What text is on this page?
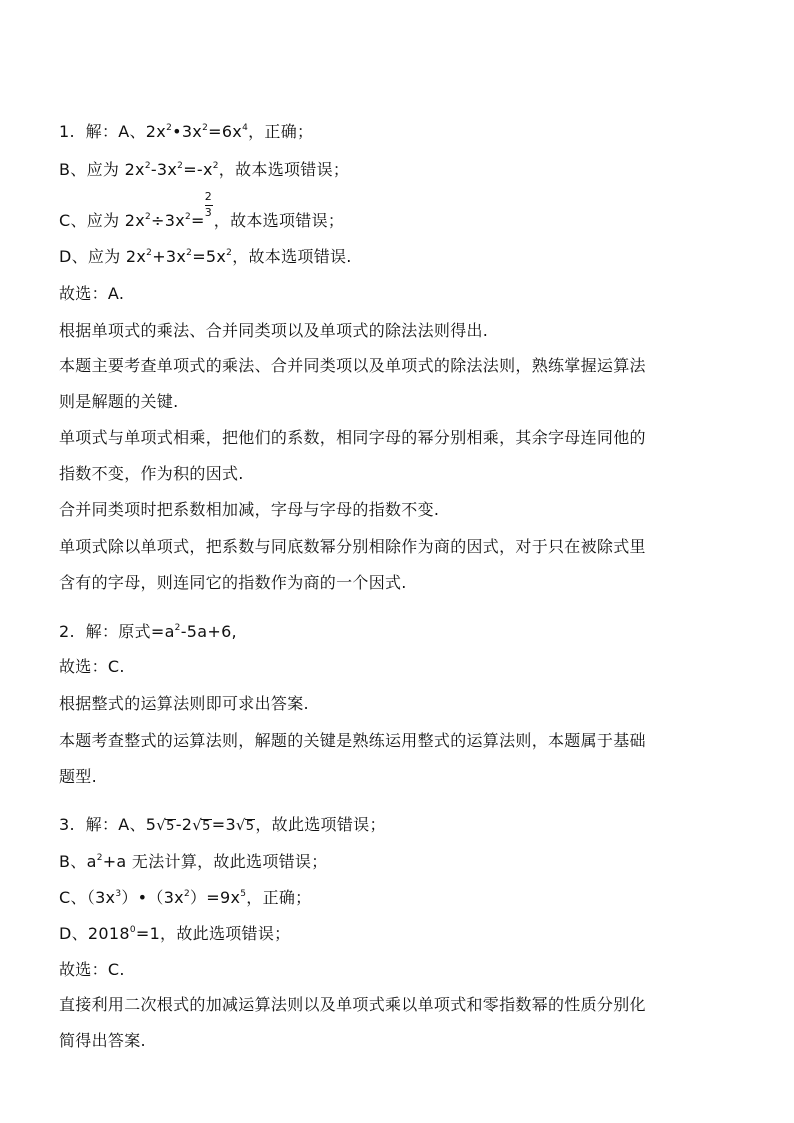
1. 解：A、$2x^2•3x^2=6x^4$，正确；
B、应为 $2x^2-3x^2=-x^2$，故本选项错误；
C、应为 $2x^2\div 3x^2= \frac{2}{3}$ ，故本选项错误；
D、应为 $2x^2+3x^2=5x^2$，故本选项错误.
故选：A.
根据单项式的乘法、合并同类项以及单项式的除法法则得出.
本题主要考查单项式的乘法、合并同类项以及单项式的除法法则，熟练掌握运算法
则是解题的关键.
单项式与单项式相乘，把他们的系数，相同字母的幂分别相乘，其余字母连同他的
指数不变，作为积的因式.
合并同类项时把系数相加减，字母与字母的指数不变.
单项式除以单项式，把系数与同底数幂分别相除作为商的因式，对于只在被除式里
含有的字母，则连同它的指数作为商的一个因式.
2. 解：原式$=a^2-5a+6$,
故选：C.
根据整式的运算法则即可求出答案.
本题考查整式的运算法则，解题的关键是熟练运用整式的运算法则，本题属于基础
题型.
3. 解：A、5√5-2√5=3√5，故此选项错误；
B、$a^2+a$ 无法计算，故此选项错误；
C、$(3x^3)•(3x^2)=9x^5$，正确；
D、$2018^0=1$，故此选项错误；
故选：C.
直接利用二次根式的加减运算法则以及单项式乘以单项式和零指数幂的性质分别化
简得出答案.
